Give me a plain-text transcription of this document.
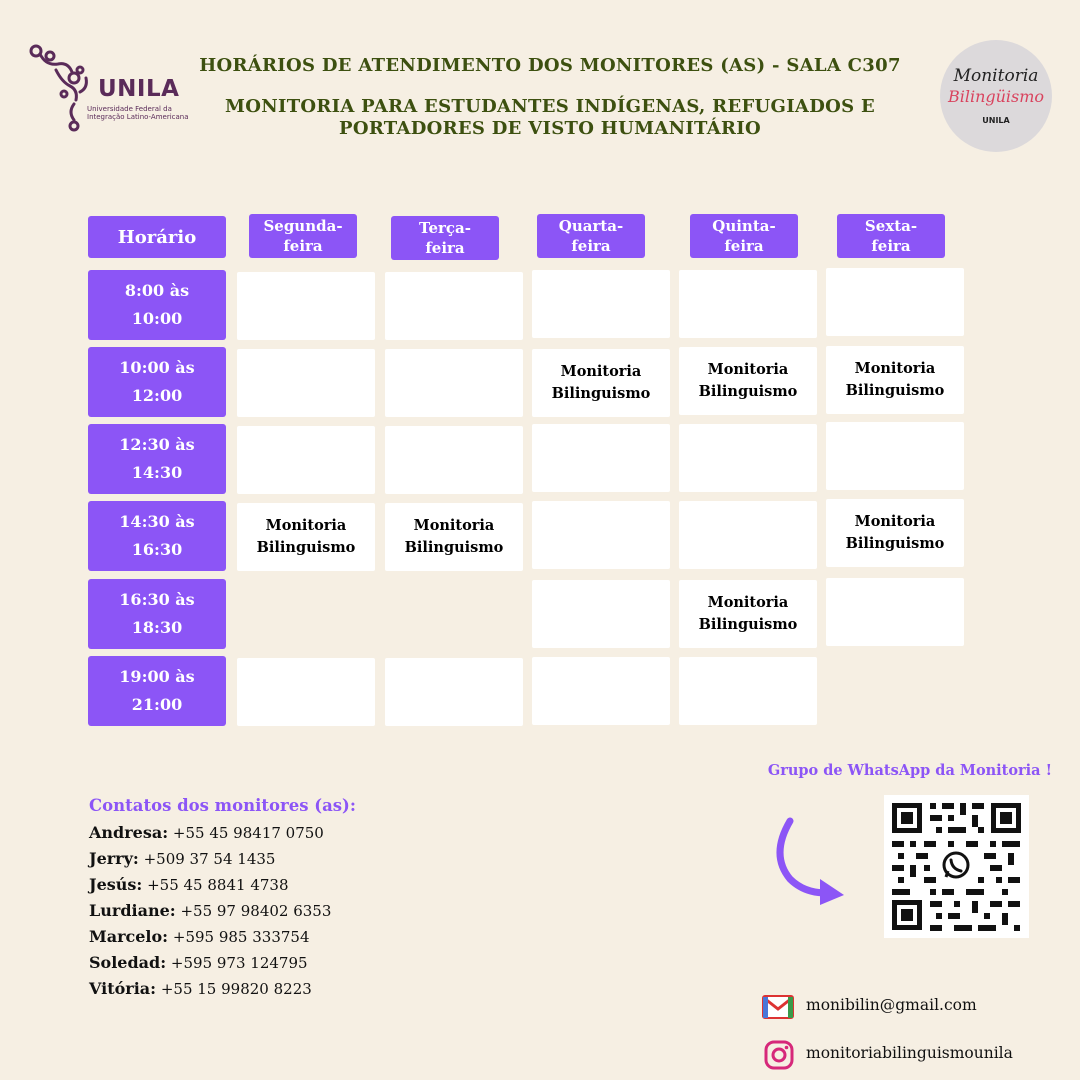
UNILA
Universidade Federal da Integração Latino-Americana
HORÁRIOS DE ATENDIMENTO DOS MONITORES (AS) - SALA C307
MONITORIA PARA ESTUDANTES INDÍGENAS, REFUGIADOS E
PORTADORES DE VISTO HUMANITÁRIO
Monitoria
Bilingüismo
UNILA
Horário
Segunda-
feira
Terça-
feira
Quarta-
feira
Quinta-
feira
Sexta-
feira
8:00 às
10:00
10:00 às
12:00
12:30 às
14:30
14:30 às
16:30
16:30 às
18:30
19:00 às
21:00
Monitoria
Bilinguismo
Monitoria
Bilinguismo
Monitoria
Bilinguismo
Monitoria
Bilinguismo
Monitoria
Bilinguismo
Monitoria
Bilinguismo
Monitoria
Bilinguismo
Contatos dos monitores (as):
Andresa: +55 45 98417 0750
Jerry: +509 37 54 1435
Jesús: +55 45 8841 4738
Lurdiane: +55 97 98402 6353
Marcelo: +595 985 333754
Soledad: +595 973 124795
Vitória: +55 15 99820 8223
Grupo de WhatsApp da Monitoria !
monibilin@gmail.com
monitoriabilinguismounila
